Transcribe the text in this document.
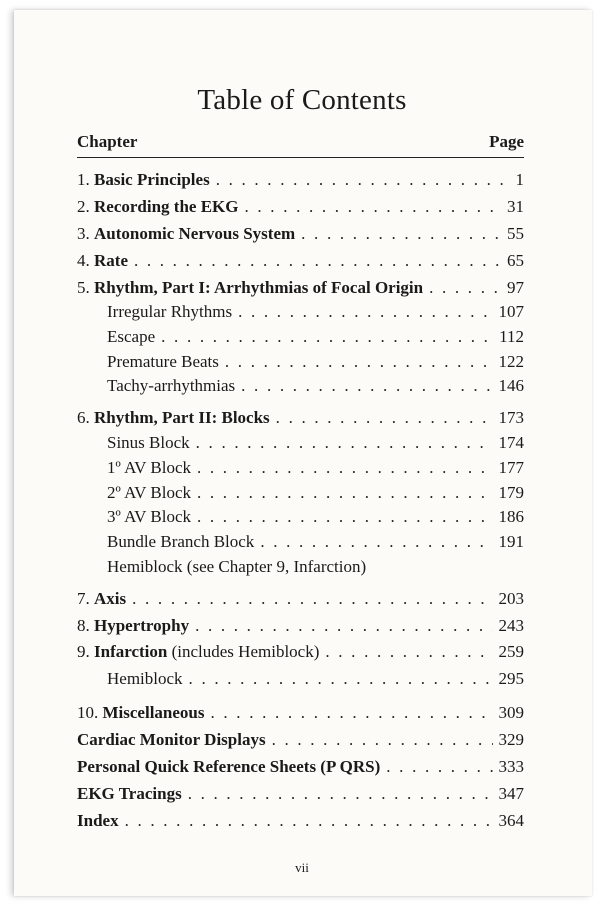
Table of Contents
Chapter	Page
1. Basic Principles . . .	1
2. Recording the EKG . . .	31
3. Autonomic Nervous System . . .	55
4. Rate . . .	65
5. Rhythm, Part I: Arrhythmias of Focal Origin . . .	97
Irregular Rhythms . . .	107
Escape . . .	112
Premature Beats . . .	122
Tachy-arrhythmias . . .	146
6. Rhythm, Part II: Blocks . . .	173
Sinus Block . . .	174
1º AV Block . . .	177
2º AV Block . . .	179
3º AV Block . . .	186
Bundle Branch Block . . .	191
Hemiblock (see Chapter 9, Infarction)
7. Axis . . .	203
8. Hypertrophy . . .	243
9. Infarction (includes Hemiblock) . . .	259
Hemiblock . . .	295
10. Miscellaneous . . .	309
Cardiac Monitor Displays . . .	329
Personal Quick Reference Sheets (P QRS) . . .	333
EKG Tracings . . .	347
Index . . .	364
vii
